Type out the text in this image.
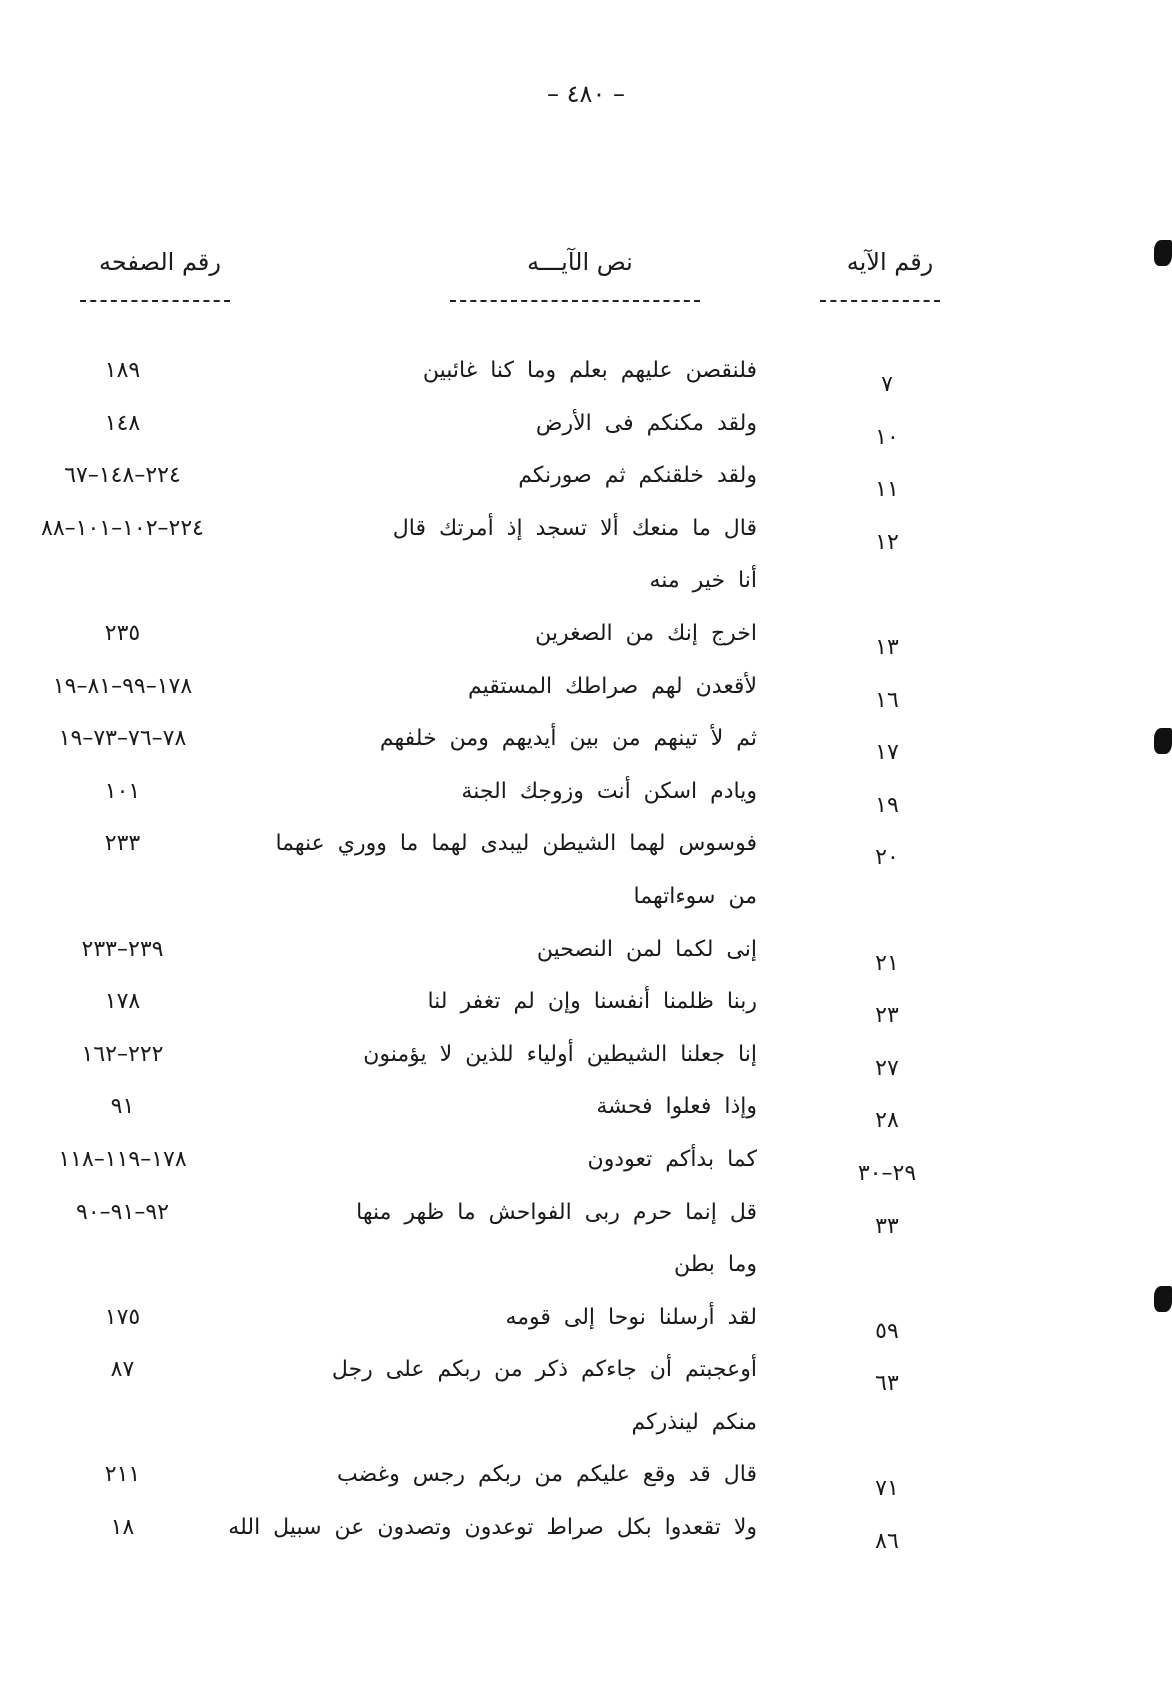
– ٤٨٠ –
رقم الآيه
نص الآيـــه
رقم الصفحه
٧
فلنقصن عليهم بعلم وما كنا غائبين
١٨٩
١٠
ولقد مكنكم فى الأرض
١٤٨
١١
ولقد خلقنكم ثم صورنكم
٢٢٤–١٤٨–٦٧
١٢
قال ما منعك ألا تسجد إذ أمرتك قال
٢٢٤–١٠٢–١٠١–٨٨
أنا خير منه
١٣
اخرج إنك من الصغرين
٢٣٥
١٦
لأقعدن لهم صراطك المستقيم
١٧٨–٩٩–٨١–١٩
١٧
ثم لأ تينهم من بين أيديهم ومن خلفهم
٧٨–٧٦–٧٣–١٩
١٩
ويادم اسكن أنت وزوجك الجنة
١٠١
٢٠
فوسوس لهما الشيطن ليبدى لهما ما ووري عنهما
٢٣٣
من سوءاتهما
٢١
إنى لكما لمن النصحين
٢٣٩–٢٣٣
٢٣
ربنا ظلمنا أنفسنا وإن لم تغفر لنا
١٧٨
٢٧
إنا جعلنا الشيطين أولياء للذين لا يؤمنون
٢٢٢–١٦٢
٢٨
وإذا فعلوا فحشة
٩١
٢٩–٣٠
كما بدأكم تعودون
١٧٨–١١٩–١١٨
٣٣
قل إنما حرم ربى الفواحش ما ظهر منها
٩٢–٩١–٩٠
وما بطن
٥٩
لقد أرسلنا نوحا إلى قومه
١٧٥
٦٣
أوعجبتم أن جاءكم ذكر من ربكم على رجل
٨٧
منكم لينذركم
٧١
قال قد وقع عليكم من ربكم رجس وغضب
٢١١
٨٦
ولا تقعدوا بكل صراط توعدون وتصدون عن سبيل الله
١٨
